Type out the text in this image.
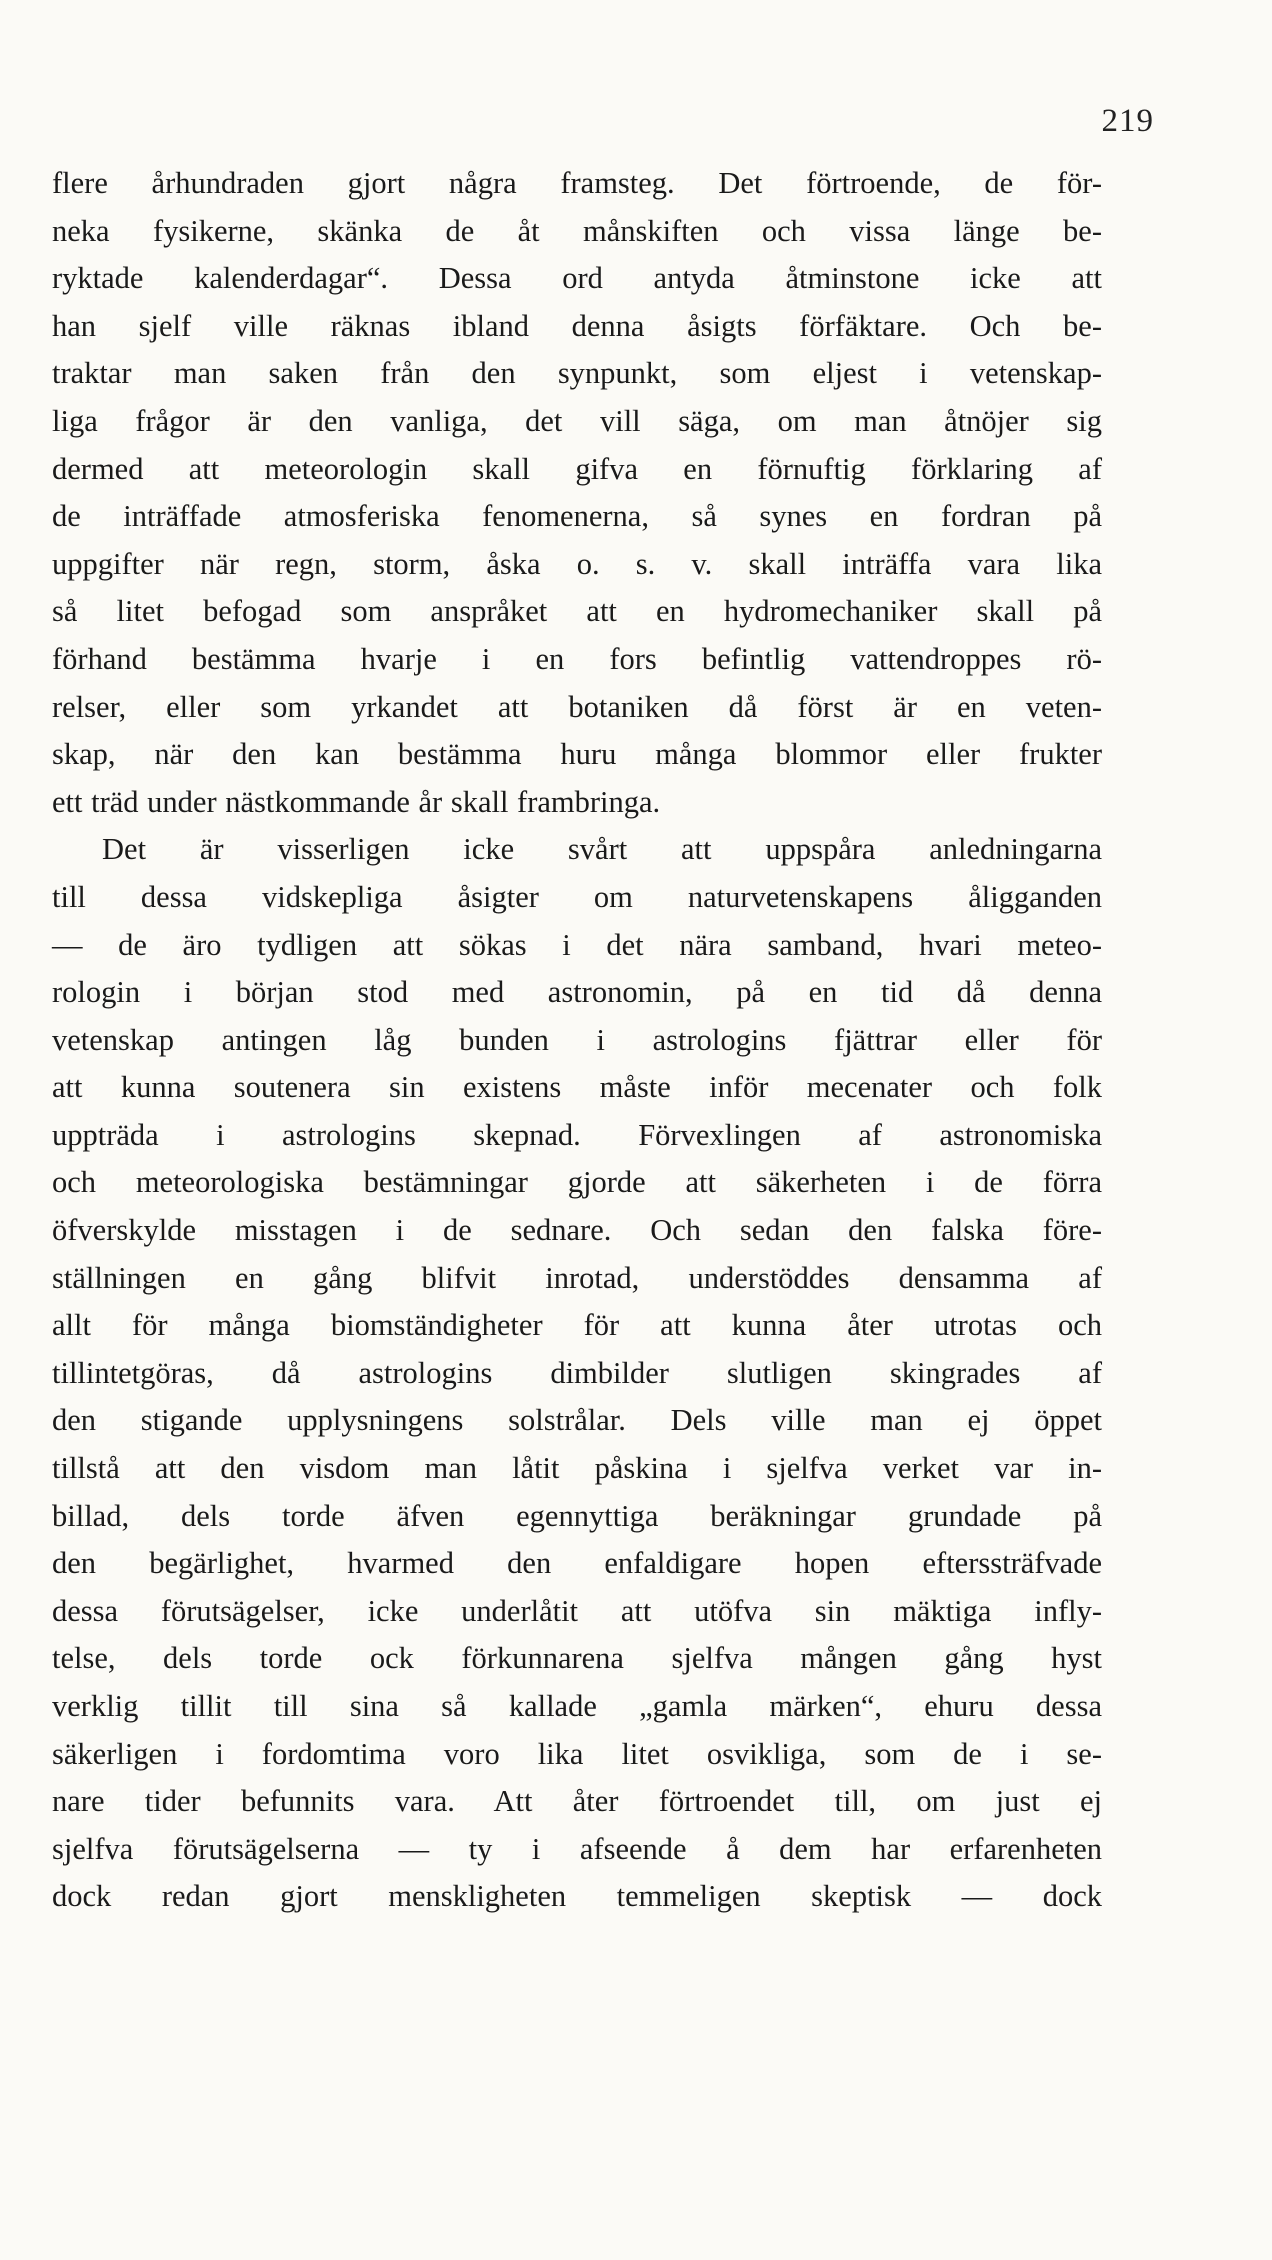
219
flere århundraden gjort några framsteg. Det förtroende, de för-
neka fysikerne, skänka de åt månskiften och vissa länge be-
ryktade kalenderdagar“. Dessa ord antyda åtminstone icke att
han sjelf ville räknas ibland denna åsigts förfäktare. Och be-
traktar man saken från den synpunkt, som eljest i vetenskap-
liga frågor är den vanliga, det vill säga, om man åtnöjer sig
dermed att meteorologin skall gifva en förnuftig förklaring af
de inträffade atmosferiska fenomenerna, så synes en fordran på
uppgifter när regn, storm, åska o. s. v. skall inträffa vara lika
så litet befogad som anspråket att en hydromechaniker skall på
förhand bestämma hvarje i en fors befintlig vattendroppes rö-
relser, eller som yrkandet att botaniken då först är en veten-
skap, när den kan bestämma huru många blommor eller frukter
ett träd under nästkommande år skall frambringa.
Det är visserligen icke svårt att uppspåra anledningarna
till dessa vidskepliga åsigter om naturvetenskapens åligganden
— de äro tydligen att sökas i det nära samband, hvari meteo-
rologin i början stod med astronomin, på en tid då denna
vetenskap antingen låg bunden i astrologins fjättrar eller för
att kunna soutenera sin existens måste inför mecenater och folk
uppträda i astrologins skepnad. Förvexlingen af astronomiska
och meteorologiska bestämningar gjorde att säkerheten i de förra
öfverskylde misstagen i de sednare. Och sedan den falska före-
ställningen en gång blifvit inrotad, understöddes densamma af
allt för många biomständigheter för att kunna åter utrotas och
tillintetgöras, då astrologins dimbilder slutligen skingrades af
den stigande upplysningens solstrålar. Dels ville man ej öppet
tillstå att den visdom man låtit påskina i sjelfva verket var in-
billad, dels torde äfven egennyttiga beräkningar grundade på
den begärlighet, hvarmed den enfaldigare hopen efterssträfvade
dessa förutsägelser, icke underlåtit att utöfva sin mäktiga infly-
telse, dels torde ock förkunnarena sjelfva mången gång hyst
verklig tillit till sina så kallade „gamla märken“, ehuru dessa
säkerligen i fordomtima voro lika litet osvikliga, som de i se-
nare tider befunnits vara. Att åter förtroendet till, om just ej
sjelfva förutsägelserna — ty i afseende å dem har erfarenheten
dock redan gjort menskligheten temmeligen skeptisk — dock
